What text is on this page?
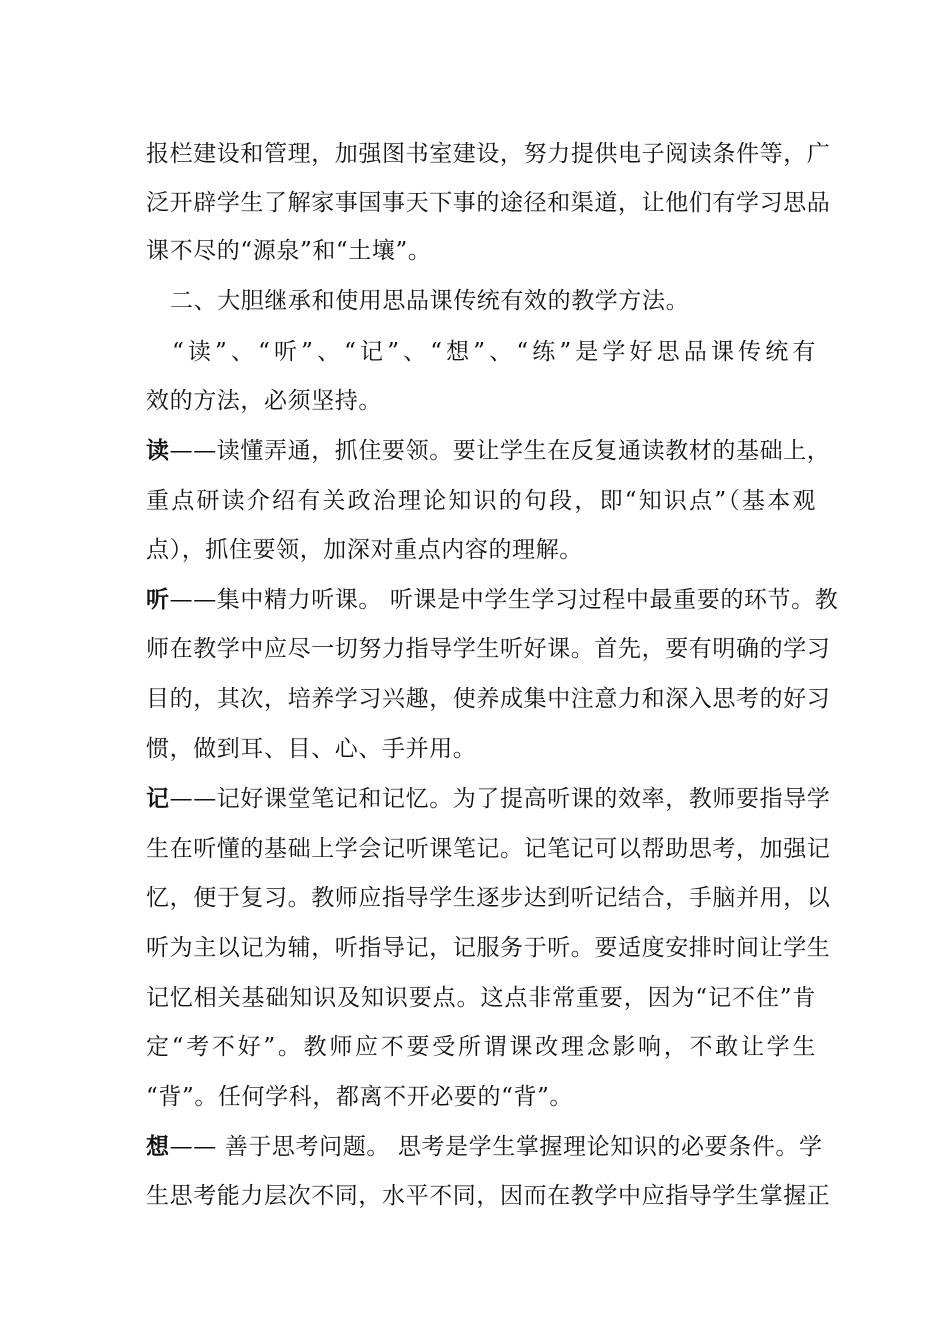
报栏建设和管理，加强图书室建设，努力提供电子阅读条件等，广
泛开辟学生了解家事国事天下事的途径和渠道，让他们有学习思品
课不尽的“源泉”和“土壤”。
二、大胆继承和使用思品课传统有效的教学方法。
“读”、“听”、“记”、“想”、“练”是学好思品课传统有
效的方法，必须坚持。
读——读懂弄通，抓住要领。要让学生在反复通读教材的基础上，
重点研读介绍有关政治理论知识的句段，即“知识点”（基本观
点），抓住要领，加深对重点内容的理解。
听——集中精力听课。 听课是中学生学习过程中最重要的环节。教
师在教学中应尽一切努力指导学生听好课。首先，要有明确的学习
目的，其次，培养学习兴趣，使养成集中注意力和深入思考的好习
惯，做到耳、目、心、手并用。
记——记好课堂笔记和记忆。为了提高听课的效率，教师要指导学
生在听懂的基础上学会记听课笔记。记笔记可以帮助思考，加强记
忆，便于复习。教师应指导学生逐步达到听记结合，手脑并用，以
听为主以记为辅，听指导记，记服务于听。要适度安排时间让学生
记忆相关基础知识及知识要点。这点非常重要，因为“记不住”肯
定“考不好”。教师应不要受所谓课改理念影响，不敢让学生
“背”。任何学科，都离不开必要的“背”。
想—— 善于思考问题。 思考是学生掌握理论知识的必要条件。学
生思考能力层次不同，水平不同，因而在教学中应指导学生掌握正
